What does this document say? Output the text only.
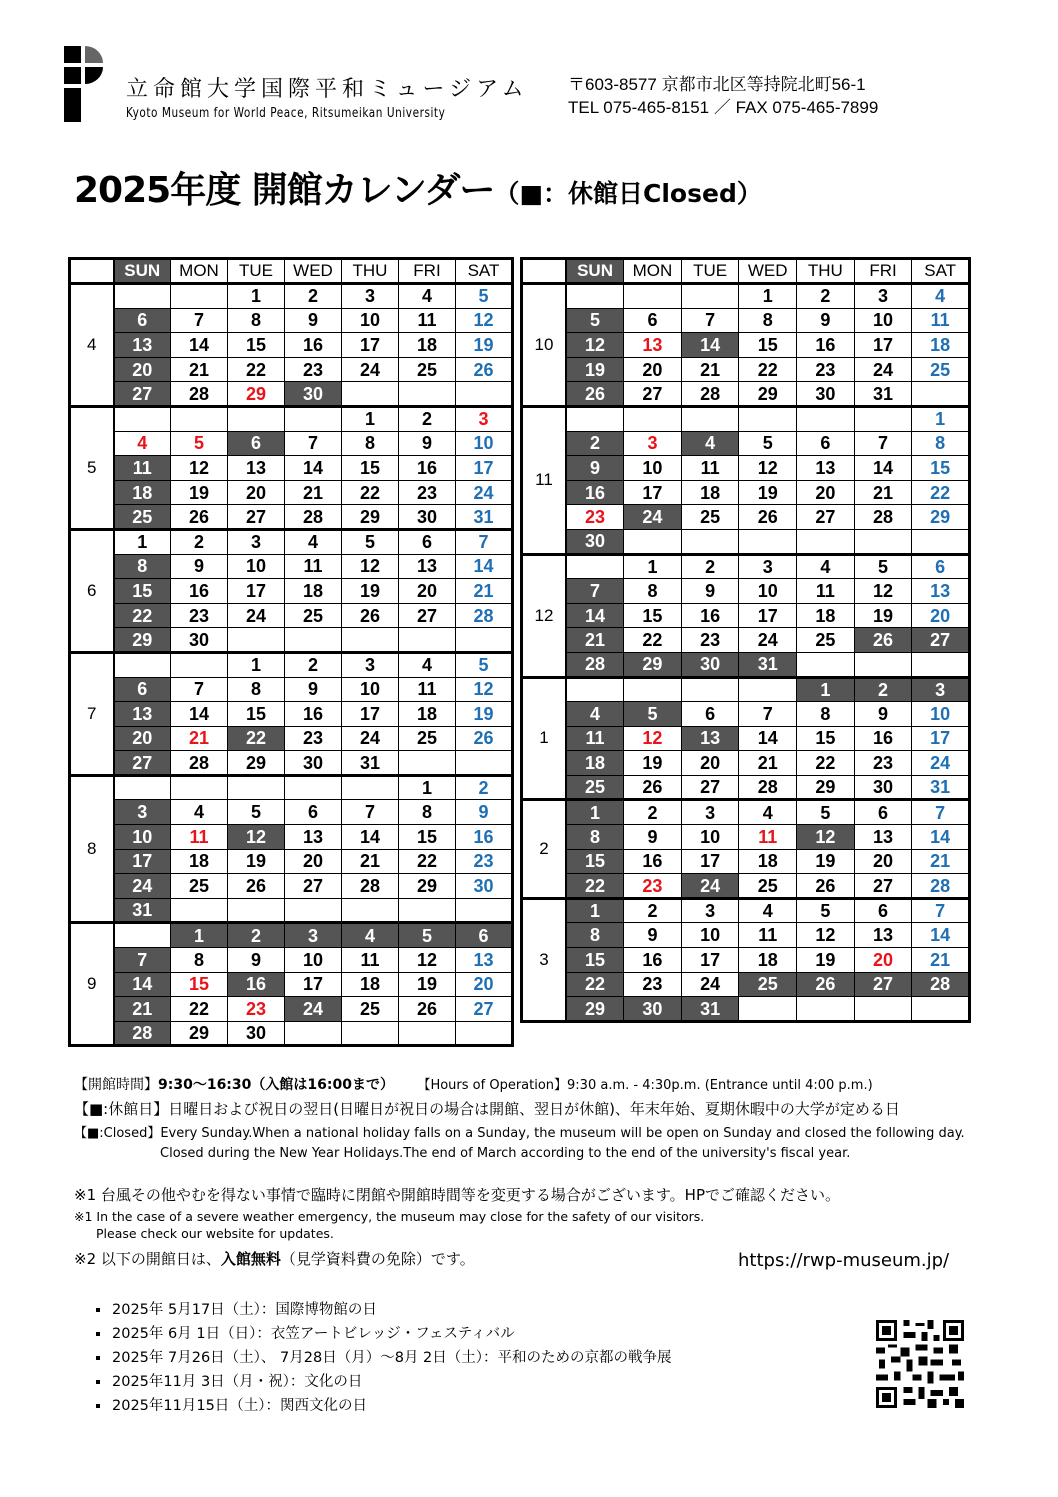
立命館大学国際平和ミュージアム
Kyoto Museum for World Peace, Ritsumeikan University
〒603-8577 京都市北区等持院北町56-1
TEL 075-465-8151 ／ FAX 075-465-7899
2025年度 開館カレンダー（■：休館日Closed）
	SUN	MON	TUE	WED	THU	FRI	SAT
4			1	2	3	4	5
	6	7	8	9	10	11	12
	13	14	15	16	17	18	19
	20	21	22	23	24	25	26
	27	28	29	30			
5					1	2	3
	4	5	6	7	8	9	10
	11	12	13	14	15	16	17
	18	19	20	21	22	23	24
	25	26	27	28	29	30	31
6	1	2	3	4	5	6	7
	8	9	10	11	12	13	14
	15	16	17	18	19	20	21
	22	23	24	25	26	27	28
	29	30					
7			1	2	3	4	5
	6	7	8	9	10	11	12
	13	14	15	16	17	18	19
	20	21	22	23	24	25	26
	27	28	29	30	31		
8						1	2
	3	4	5	6	7	8	9
	10	11	12	13	14	15	16
	17	18	19	20	21	22	23
	24	25	26	27	28	29	30
	31						
9		1	2	3	4	5	6
	7	8	9	10	11	12	13
	14	15	16	17	18	19	20
	21	22	23	24	25	26	27
	28	29	30				
	SUN	MON	TUE	WED	THU	FRI	SAT
10				1	2	3	4
	5	6	7	8	9	10	11
	12	13	14	15	16	17	18
	19	20	21	22	23	24	25
	26	27	28	29	30	31	
11							1
	2	3	4	5	6	7	8
	9	10	11	12	13	14	15
	16	17	18	19	20	21	22
	23	24	25	26	27	28	29
	30						
12		1	2	3	4	5	6
	7	8	9	10	11	12	13
	14	15	16	17	18	19	20
	21	22	23	24	25	26	27
	28	29	30	31			
1					1	2	3
	4	5	6	7	8	9	10
	11	12	13	14	15	16	17
	18	19	20	21	22	23	24
	25	26	27	28	29	30	31
2	1	2	3	4	5	6	7
	8	9	10	11	12	13	14
	15	16	17	18	19	20	21
	22	23	24	25	26	27	28
3	1	2	3	4	5	6	7
	8	9	10	11	12	13	14
	15	16	17	18	19	20	21
	22	23	24	25	26	27	28
	29	30	31				
【開館時間】9:30〜16:30（入館は16:00まで） 【Hours of Operation】9:30 a.m. - 4:30p.m. (Entrance until 4:00 p.m.)
【■:休館日】日曜日および祝日の翌日(日曜日が祝日の場合は開館、翌日が休館)、年末年始、夏期休暇中の大学が定める日
【■:Closed】Every Sunday.When a national holiday falls on a Sunday, the museum will be open on Sunday and closed the following day.
Closed during the New Year Holidays.The end of March according to the end of the university's fiscal year.
※1 台風その他やむを得ない事情で臨時に閉館や開館時間等を変更する場合がございます。HPでご確認ください。
※1 In the case of a severe weather emergency, the museum may close for the safety of our visitors.
Please check our website for updates.
※2 以下の開館日は、入館無料（見学資料費の免除）です。	https://rwp-museum.jp/
2025年 5月17日（土）：国際博物館の日
2025年 6月 1日（日）：衣笠アートビレッジ・フェスティバル
2025年 7月26日（土）、 7月28日（月）〜8月 2日（土）：平和のための京都の戦争展
2025年11月 3日（月・祝）：文化の日
2025年11月15日（土）：関西文化の日
